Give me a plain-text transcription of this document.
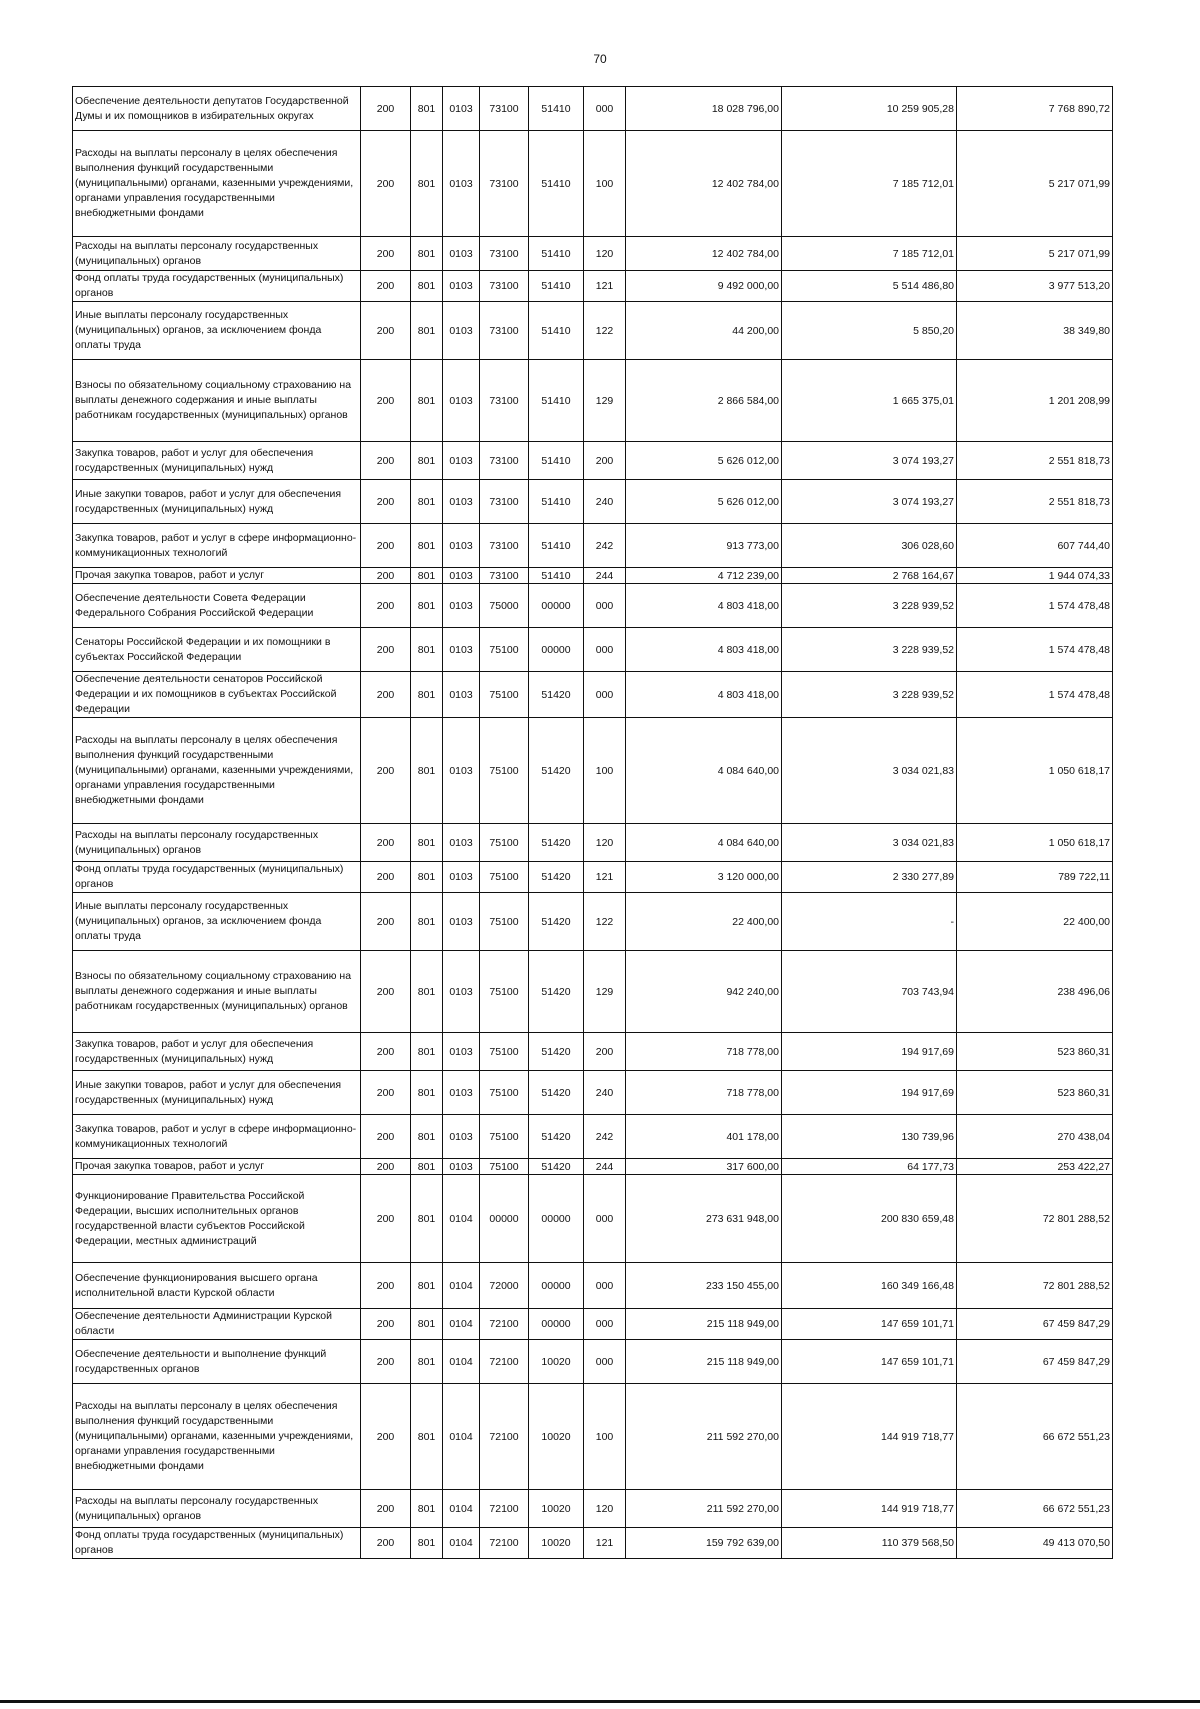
70
Обеспечение деятельности депутатов Государственной Думы и их помощников в избирательных округах	200	801	0103	73100	51410	000	18 028 796,00	10 259 905,28	7 768 890,72
Расходы на выплаты персоналу в целях обеспечения выполнения функций государственными (муниципальными) органами, казенными учреждениями, органами управления государственными внебюджетными фондами	200	801	0103	73100	51410	100	12 402 784,00	7 185 712,01	5 217 071,99
Расходы на выплаты персоналу государственных (муниципальных) органов	200	801	0103	73100	51410	120	12 402 784,00	7 185 712,01	5 217 071,99
Фонд оплаты труда государственных (муниципальных) органов	200	801	0103	73100	51410	121	9 492 000,00	5 514 486,80	3 977 513,20
Иные выплаты персоналу государственных (муниципальных) органов, за исключением фонда оплаты труда	200	801	0103	73100	51410	122	44 200,00	5 850,20	38 349,80
Взносы по обязательному социальному страхованию на выплаты денежного содержания и иные выплаты работникам государственных (муниципальных) органов	200	801	0103	73100	51410	129	2 866 584,00	1 665 375,01	1 201 208,99
Закупка товаров, работ и услуг для обеспечения государственных (муниципальных) нужд	200	801	0103	73100	51410	200	5 626 012,00	3 074 193,27	2 551 818,73
Иные закупки товаров, работ и услуг для обеспечения государственных (муниципальных) нужд	200	801	0103	73100	51410	240	5 626 012,00	3 074 193,27	2 551 818,73
Закупка товаров, работ и услуг в сфере информационно-коммуникационных технологий	200	801	0103	73100	51410	242	913 773,00	306 028,60	607 744,40
Прочая закупка товаров, работ и услуг	200	801	0103	73100	51410	244	4 712 239,00	2 768 164,67	1 944 074,33
Обеспечение деятельности Совета Федерации Федерального Собрания Российской Федерации	200	801	0103	75000	00000	000	4 803 418,00	3 228 939,52	1 574 478,48
Сенаторы Российской Федерации и их помощники в субъектах Российской Федерации	200	801	0103	75100	00000	000	4 803 418,00	3 228 939,52	1 574 478,48
Обеспечение деятельности сенаторов Российской Федерации и их помощников в субъектах Российской Федерации	200	801	0103	75100	51420	000	4 803 418,00	3 228 939,52	1 574 478,48
Расходы на выплаты персоналу в целях обеспечения выполнения функций государственными (муниципальными) органами, казенными учреждениями, органами управления государственными внебюджетными фондами	200	801	0103	75100	51420	100	4 084 640,00	3 034 021,83	1 050 618,17
Расходы на выплаты персоналу государственных (муниципальных) органов	200	801	0103	75100	51420	120	4 084 640,00	3 034 021,83	1 050 618,17
Фонд оплаты труда государственных (муниципальных) органов	200	801	0103	75100	51420	121	3 120 000,00	2 330 277,89	789 722,11
Иные выплаты персоналу государственных (муниципальных) органов, за исключением фонда оплаты труда	200	801	0103	75100	51420	122	22 400,00	-	22 400,00
Взносы по обязательному социальному страхованию на выплаты денежного содержания и иные выплаты работникам государственных (муниципальных) органов	200	801	0103	75100	51420	129	942 240,00	703 743,94	238 496,06
Закупка товаров, работ и услуг для обеспечения государственных (муниципальных) нужд	200	801	0103	75100	51420	200	718 778,00	194 917,69	523 860,31
Иные закупки товаров, работ и услуг для обеспечения государственных (муниципальных) нужд	200	801	0103	75100	51420	240	718 778,00	194 917,69	523 860,31
Закупка товаров, работ и услуг в сфере информационно-коммуникационных технологий	200	801	0103	75100	51420	242	401 178,00	130 739,96	270 438,04
Прочая закупка товаров, работ и услуг	200	801	0103	75100	51420	244	317 600,00	64 177,73	253 422,27
Функционирование Правительства Российской Федерации, высших исполнительных органов государственной власти субъектов Российской Федерации, местных администраций	200	801	0104	00000	00000	000	273 631 948,00	200 830 659,48	72 801 288,52
Обеспечение функционирования высшего органа исполнительной власти Курской области	200	801	0104	72000	00000	000	233 150 455,00	160 349 166,48	72 801 288,52
Обеспечение деятельности Администрации Курской области	200	801	0104	72100	00000	000	215 118 949,00	147 659 101,71	67 459 847,29
Обеспечение деятельности и выполнение функций государственных органов	200	801	0104	72100	10020	000	215 118 949,00	147 659 101,71	67 459 847,29
Расходы на выплаты персоналу в целях обеспечения выполнения функций государственными (муниципальными) органами, казенными учреждениями, органами управления государственными внебюджетными фондами	200	801	0104	72100	10020	100	211 592 270,00	144 919 718,77	66 672 551,23
Расходы на выплаты персоналу государственных (муниципальных) органов	200	801	0104	72100	10020	120	211 592 270,00	144 919 718,77	66 672 551,23
Фонд оплаты труда государственных (муниципальных) органов	200	801	0104	72100	10020	121	159 792 639,00	110 379 568,50	49 413 070,50
